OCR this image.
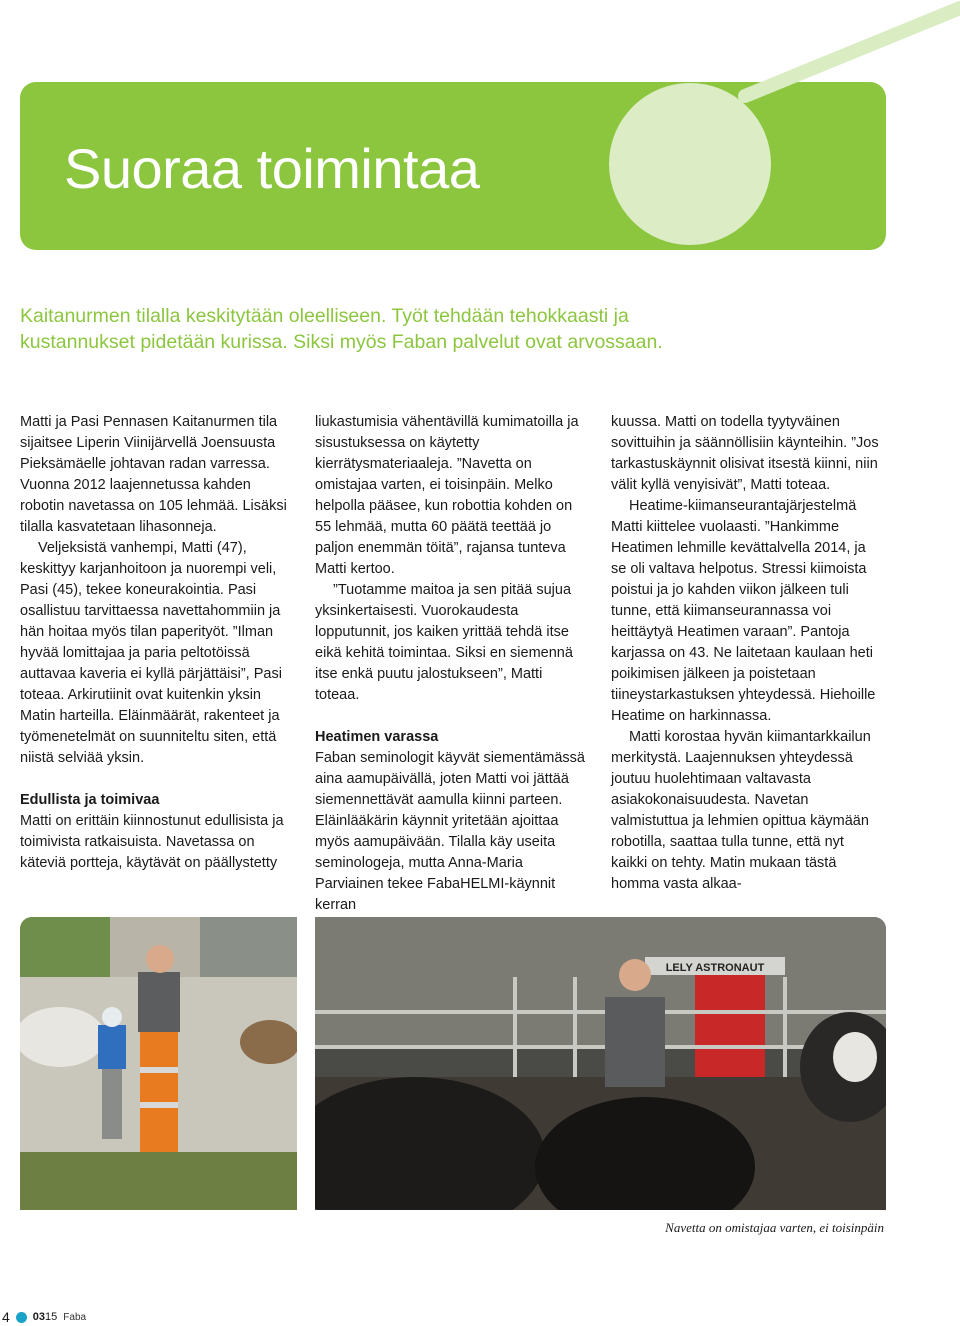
Suoraa toimintaa

Kaitanurmen tilalla keskitytään oleelliseen. Työt tehdään tehokkaasti ja kustannukset pidetään kurissa. Siksi myös Faban palvelut ovat arvossaan.

Matti ja Pasi Pennasen Kaitanurmen tila sijaitsee Liperin Viinijärvellä Joensuusta Pieksämäelle johtavan radan varressa. Vuonna 2012 laajennetussa kahden robotin navetassa on 105 lehmää. Lisäksi tilalla kasvatetaan lihasonneja.

Veljeksistä vanhempi, Matti (47), keskittyy karjanhoitoon ja nuorempi veli, Pasi (45), tekee koneurakointia. Pasi osallistuu tarvittaessa navettahommiin ja hän hoitaa myös tilan paperityöt. ”Ilman hyvää lomittajaa ja paria peltotöissä auttavaa kaveria ei kyllä pärjättäisi”, Pasi toteaa. Arkirutiinit ovat kuitenkin yksin Matin harteilla. Eläinmäärät, rakenteet ja työmenetelmät on suunniteltu siten, että niistä selviää yksin.

Edullista ja toimivaa

Matti on erittäin kiinnostunut edullisista ja toimivista ratkaisuista. Navetassa on käteviä portteja, käytävät on päällystetty

liukastumisia vähentävillä kumimatoilla ja sisustuksessa on käytetty kierrätysmateriaaleja. ”Navetta on omistajaa varten, ei toisinpäin. Melko helpolla pääsee, kun robottia kohden on 55 lehmää, mutta 60 päätä teettää jo paljon enemmän töitä”, rajansa tunteva Matti kertoo.

”Tuotamme maitoa ja sen pitää sujua yksinkertaisesti. Vuorokaudesta lopputunnit, jos kaiken yrittää tehdä itse eikä kehitä toimintaa. Siksi en siemennä itse enkä puutu jalostukseen”, Matti toteaa.

Heatimen varassa

Faban seminologit käyvät siementämässä aina aamupäivällä, joten Matti voi jättää siemennettävät aamulla kiinni parteen. Eläinlääkärin käynnit yritetään ajoittaa myös aamupäivään. Tilalla käy useita seminologeja, mutta Anna-Maria Parviainen tekee FabaHELMI-käynnit kerran

kuussa. Matti on todella tyytyväinen sovittuihin ja säännöllisiin käynteihin. ”Jos tarkastuskäynnit olisivat itsestä kiinni, niin välit kyllä venyisivät”, Matti toteaa.

Heatime-kiimanseurantajärjestelmä Matti kiittelee vuolaasti. ”Hankimme Heatimen lehmille kevättalvella 2014, ja se oli valtava helpotus. Stressi kiimoista poistui ja jo kahden viikon jälkeen tuli tunne, että kiimanseurannassa voi heittäytyä Heatimen varaan”. Pantoja karjassa on 43. Ne laitetaan kaulaan heti poikimisen jälkeen ja poistetaan tiineystarkastuksen yhteydessä. Hiehoille Heatime on harkinnassa.

Matti korostaa hyvän kiimantarkkailun merkitystä. Laajennuksen yhteydessä joutuu huolehtimaan valtavasta asiakokonaisuudesta. Navetan valmistuttua ja lehmien opittua käymään robotilla, saattaa tulla tunne, että nyt kaikki on tehty. Matin mukaan tästä homma vasta alkaa-

LELY ASTRONAUT
Navetta on omistajaa varten, ei toisinpäin
4 0315 Faba
